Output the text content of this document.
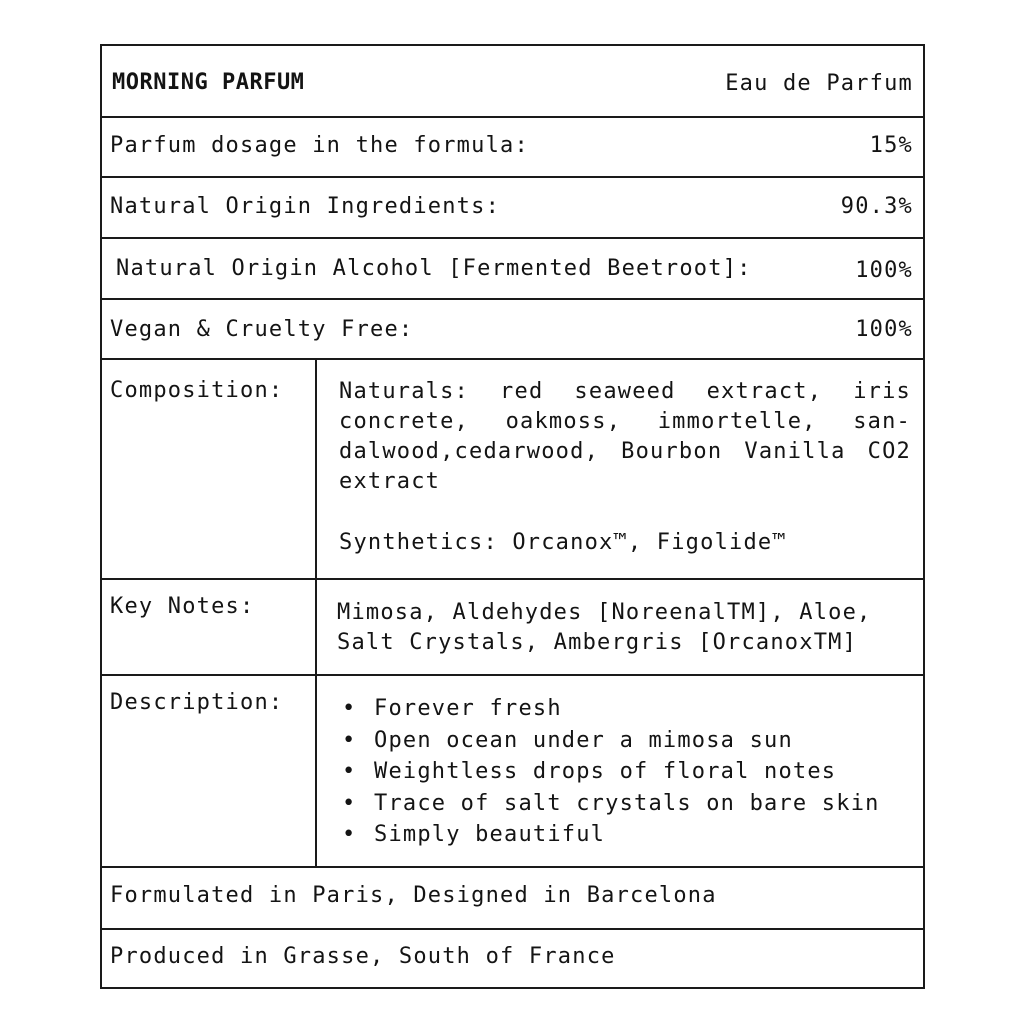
MORNING PARFUM	Eau de Parfum
Parfum dosage in the formula:	15%
Natural Origin Ingredients:	90.3%
Natural Origin Alcohol [Fermented Beetroot]:	100%
Vegan & Cruelty Free:	100%
Composition:	Naturals: red seaweed extract, iris concrete, oakmoss, immortelle, san-dalwood,cedarwood, Bourbon Vanilla CO2 extract
Synthetics: Orcanox™, Figolide™
Key Notes:	Mimosa, Aldehydes [NoreenalTM], Aloe, Salt Crystals, Ambergris [OrcanoxTM]
Description:
•	Forever fresh
• Open ocean under a mimosa sun
• Weightless drops of floral notes
• Trace of salt crystals on bare skin
• Simply beautiful
Formulated in Paris, Designed in Barcelona
Produced in Grasse, South of France
